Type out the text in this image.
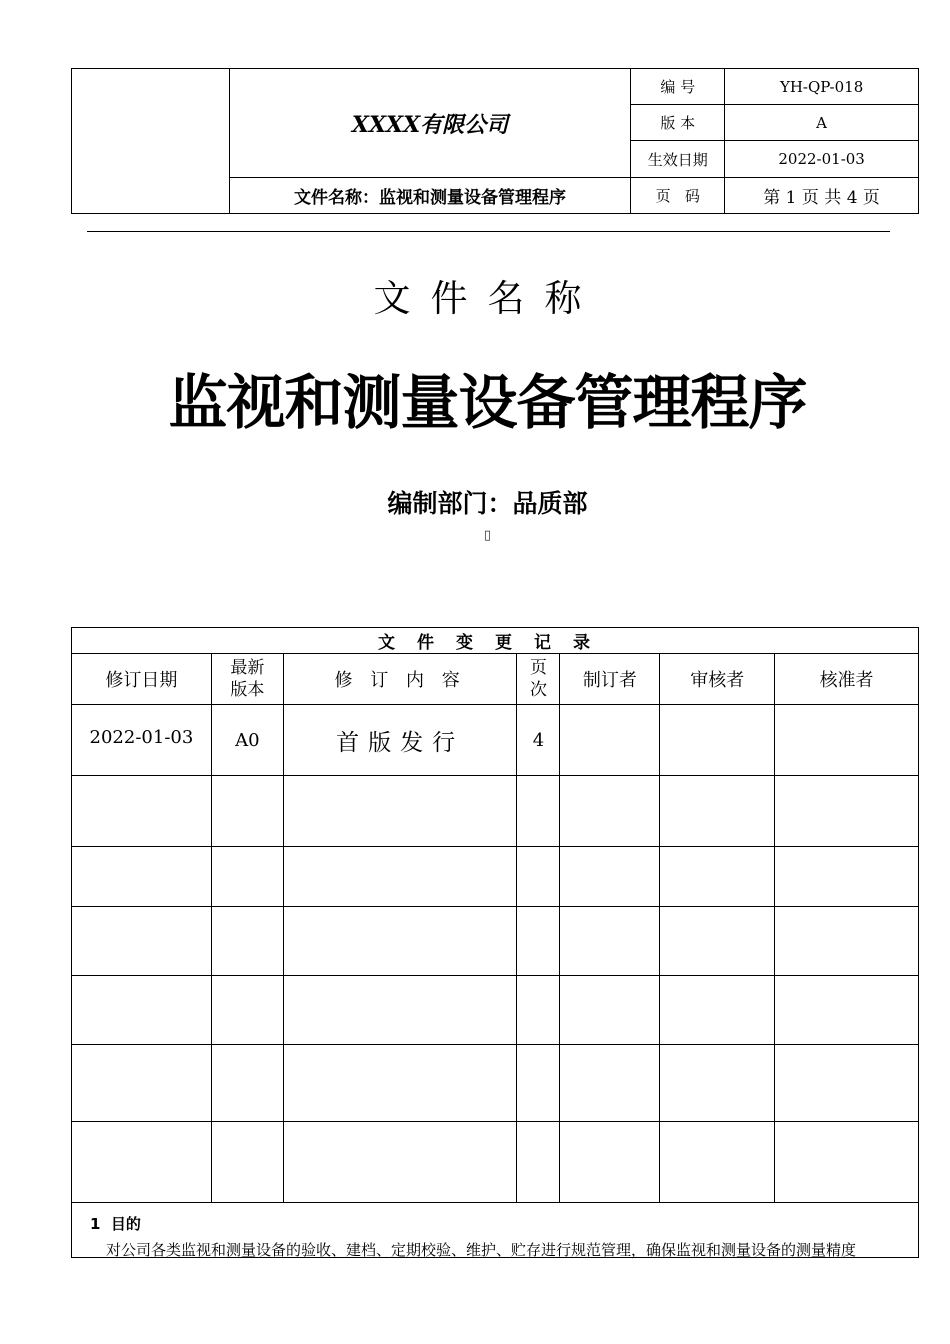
	XXXX有限公司	编 号	YH-QP-018
		版 本	A
		生效日期	2022-01-03
	文件名称：监视和测量设备管理程序	页   码	第 1 页 共 4 页
文件名称
监视和测量设备管理程序
编制部门：品质部
▯
文件变更记录						
修订日期	最新版本	修 订 内 容	页次	制订者	审核者	核准者
2022-01-03	A0	首版发行	4			

1  目的
对公司各类监视和测量设备的验收、建档、定期校验、维护、贮存进行规范管理，确保监视和测量设备的测量精度
